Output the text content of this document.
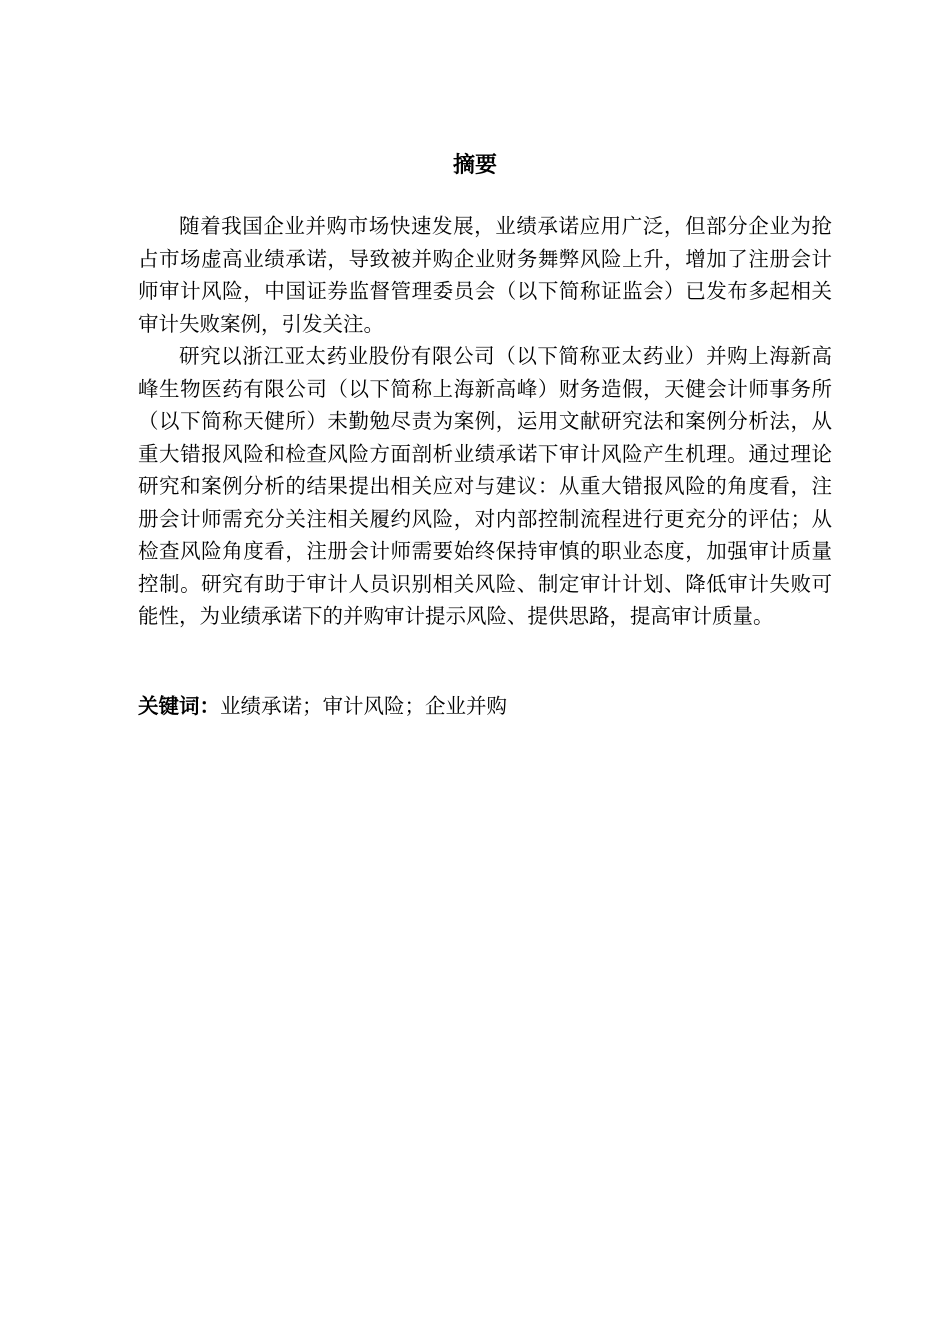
摘要

随着我国企业并购市场快速发展，业绩承诺应用广泛，但部分企业为抢占市场虚高业绩承诺，导致被并购企业财务舞弊风险上升，增加了注册会计师审计风险，中国证券监督管理委员会（以下简称证监会）已发布多起相关审计失败案例，引发关注。

研究以浙江亚太药业股份有限公司（以下简称亚太药业）并购上海新高峰生物医药有限公司（以下简称上海新高峰）财务造假，天健会计师事务所（以下简称天健所）未勤勉尽责为案例，运用文献研究法和案例分析法，从重大错报风险和检查风险方面剖析业绩承诺下审计风险产生机理。通过理论研究和案例分析的结果提出相关应对与建议：从重大错报风险的角度看，注册会计师需充分关注相关履约风险，对内部控制流程进行更充分的评估；从检查风险角度看，注册会计师需要始终保持审慎的职业态度，加强审计质量控制。研究有助于审计人员识别相关风险、制定审计计划、降低审计失败可能性，为业绩承诺下的并购审计提示风险、提供思路，提高审计质量。

关键词：业绩承诺；审计风险；企业并购
